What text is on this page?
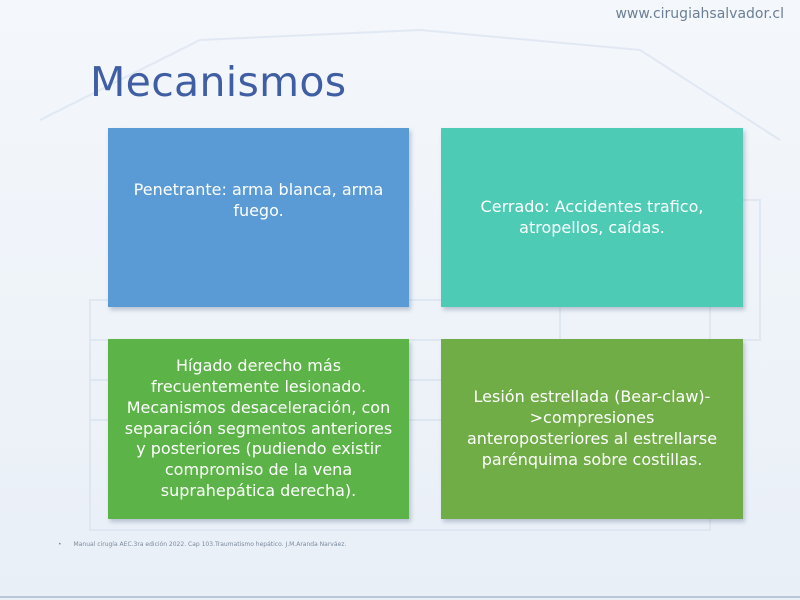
www.cirugiahsalvador.cl
Mecanismos
Penetrante: arma blanca, arma
fuego.	Cerrado: Accidentes trafico,
atropellos, caídas.
Hígado derecho más
frecuentemente lesionado.
Mecanismos desaceleración, con
separación segmentos anteriores
y posteriores (pudiendo existir
compromiso de la vena
suprahepática derecha).
Lesión estrellada (Bear-claw)-
>compresiones
anteroposteriores al estrellarse
parénquima sobre costillas.
• Manual cirugía AEC.3ra edición 2022. Cap 103.Traumatismo hepático. J.M.Aranda Narváez.
